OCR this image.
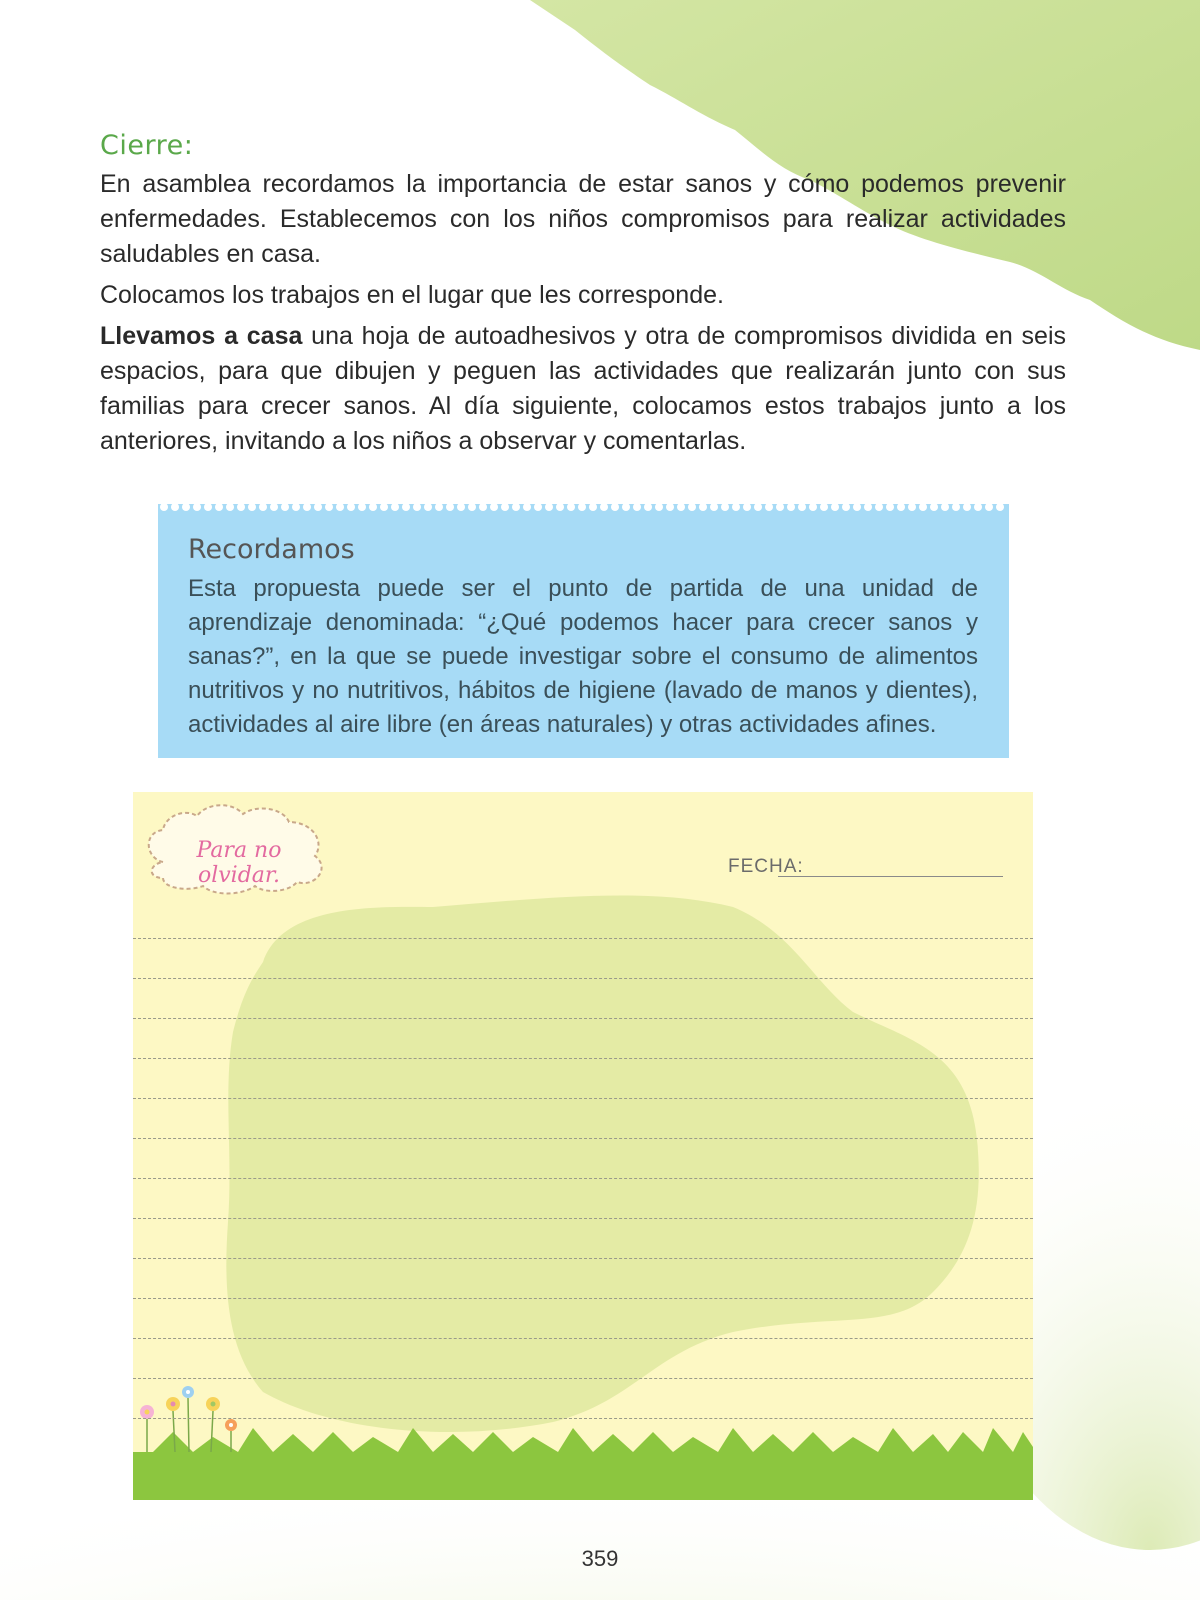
Cierre:

En asamblea recordamos la importancia de estar sanos y cómo podemos prevenir enfermedades. Establecemos con los niños compromisos para realizar actividades saludables en casa.

Colocamos los trabajos en el lugar que les corresponde.

Llevamos a casa una hoja de autoadhesivos y otra de compromisos dividida en seis espacios, para que dibujen y peguen las actividades que realizarán junto con sus familias para crecer sanos. Al día siguiente, colocamos estos trabajos junto a los anteriores, invitando a los niños a observar y comentarlas.

Recordamos

Esta propuesta puede ser el punto de partida de una unidad de aprendizaje denominada: “¿Qué podemos hacer para crecer sanos y sanas?”, en la que se puede investigar sobre el consumo de alimentos nutritivos y no nutritivos, hábitos de higiene (lavado de manos y dientes), actividades al aire libre (en áreas naturales) y otras actividades afines.

Para no olvidar.	FECHA:
359
